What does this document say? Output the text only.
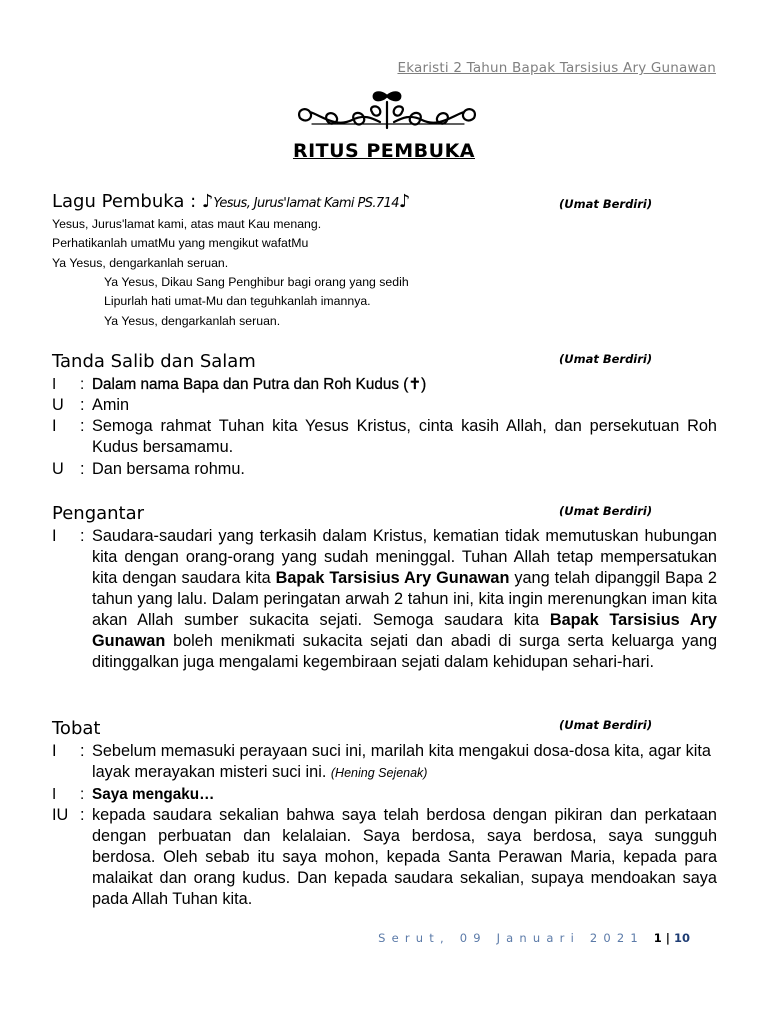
Ekaristi 2 Tahun Bapak Tarsisius Ary Gunawan
RITUS PEMBUKA
Lagu Pembuka : ♪Yesus, Jurus'lamat Kami PS.714♪	(Umat Berdiri)
Yesus, Jurus'lamat kami, atas maut Kau menang.
Perhatikanlah umatMu yang mengikut wafatMu
Ya Yesus, dengarkanlah seruan.
Ya Yesus, Dikau Sang Penghibur bagi orang yang sedih
Lipurlah hati umat-Mu dan teguhkanlah imannya.
Ya Yesus, dengarkanlah seruan.
Tanda Salib dan Salam	(Umat Berdiri)
I	: Dalam nama Bapa dan Putra dan Roh Kudus (✝)
U : Amin
I	: Semoga rahmat Tuhan kita Yesus Kristus, cinta kasih Allah, dan persekutuan Roh Kudus bersamamu.
U : Dan bersama rohmu.
Pengantar	(Umat Berdiri)
I	: Saudara-saudari yang terkasih dalam Kristus, kematian tidak memutuskan hubungan kita dengan orang-orang yang sudah meninggal. Tuhan Allah tetap mempersatukan kita dengan saudara kita Bapak Tarsisius Ary Gunawan yang telah dipanggil Bapa 2 tahun yang lalu. Dalam peringatan arwah 2 tahun ini, kita ingin merenungkan iman kita akan Allah sumber sukacita sejati. Semoga saudara kita Bapak Tarsisius Ary Gunawan boleh menikmati sukacita sejati dan abadi di surga serta keluarga yang ditinggalkan juga mengalami kegembiraan sejati dalam kehidupan sehari-hari.
Tobat	(Umat Berdiri)
I	: Sebelum memasuki perayaan suci ini, marilah kita mengakui dosa-dosa kita, agar kita layak merayakan misteri suci ini. (Hening Sejenak)
I	: Saya mengaku…
IU : kepada saudara sekalian bahwa saya telah berdosa dengan pikiran dan perkataan dengan perbuatan dan kelalaian. Saya berdosa, saya berdosa, saya sungguh berdosa. Oleh sebab itu saya mohon, kepada Santa Perawan Maria, kepada para malaikat dan orang kudus. Dan kepada saudara sekalian, supaya mendoakan saya pada Allah Tuhan kita.
Serut, 09 Januari 2021 1 | 10
